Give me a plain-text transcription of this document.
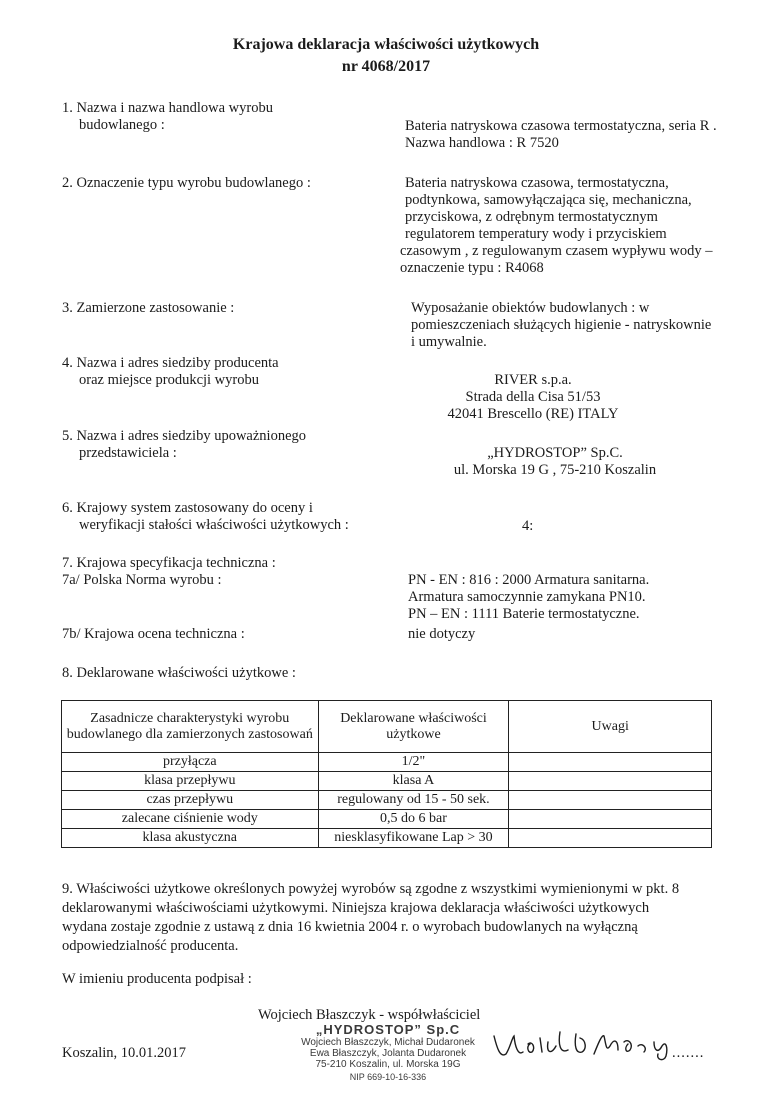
Krajowa deklaracja właściwości użytkowych
nr 4068/2017
1. Nazwa i nazwa handlowa wyrobu
budowlanego :	Bateria natryskowa czasowa termostatyczna, seria R .
Nazwa handlowa : R 7520
2. Oznaczenie typu wyrobu budowlanego :	Bateria natryskowa czasowa, termostatyczna,
podtynkowa, samowyłączająca się, mechaniczna,
przyciskowa, z odrębnym termostatycznym
regulatorem temperatury wody i przyciskiem
czasowym , z regulowanym czasem wypływu wody –
oznaczenie typu : R4068
3. Zamierzone zastosowanie :	Wyposażanie obiektów budowlanych : w
pomieszczeniach służących higienie - natryskownie
i umywalnie.
4. Nazwa i adres siedziby producenta
oraz miejsce produkcji wyrobu	RIVER s.p.a.
Strada della Cisa 51/53
42041 Brescello (RE) ITALY
5. Nazwa i adres siedziby upoważnionego
przedstawiciela :	„HYDROSTOP” Sp.C.
ul. Morska 19 G , 75-210 Koszalin
6. Krajowy system zastosowany do oceny i
weryfikacji stałości właściwości użytkowych :	4:
7. Krajowa specyfikacja techniczna :
7a/ Polska Norma wyrobu :	PN - EN : 816 : 2000 Armatura sanitarna.
Armatura samoczynnie zamykana PN10.
PN – EN : 1111 Baterie termostatyczne.
7b/ Krajowa ocena techniczna :	nie dotyczy
8. Deklarowane właściwości użytkowe :
Zasadnicze charakterystyki wyrobu budowlanego dla zamierzonych zastosowań	Deklarowane właściwości użytkowe	Uwagi
przyłącza	1/2"	
klasa przepływu	klasa A	
czas przepływu	regulowany od 15 - 50 sek.	
zalecane ciśnienie wody	0,5 do 6 bar	
klasa akustyczna	niesklasyfikowane Lap > 30	
9. Właściwości użytkowe określonych powyżej wyrobów są zgodne z wszystkimi wymienionymi w pkt. 8
deklarowanymi właściwościami użytkowymi. Niniejsza krajowa deklaracja właściwości użytkowych
wydana zostaje zgodnie z ustawą z dnia 16 kwietnia 2004 r. o wyrobach budowlanych na wyłączną
odpowiedzialność producenta.
W imieniu producenta podpisał :
Wojciech Błaszczyk - współwłaściciel
„HYDROSTOP” Sp.C
Wojciech Błaszczyk, Michał Dudaronek
Ewa Błaszczyk, Jolanta Dudaronek
75-210 Koszalin, ul. Morska 19G
NIP 669-10-16-336
.......
Koszalin, 10.01.2017
